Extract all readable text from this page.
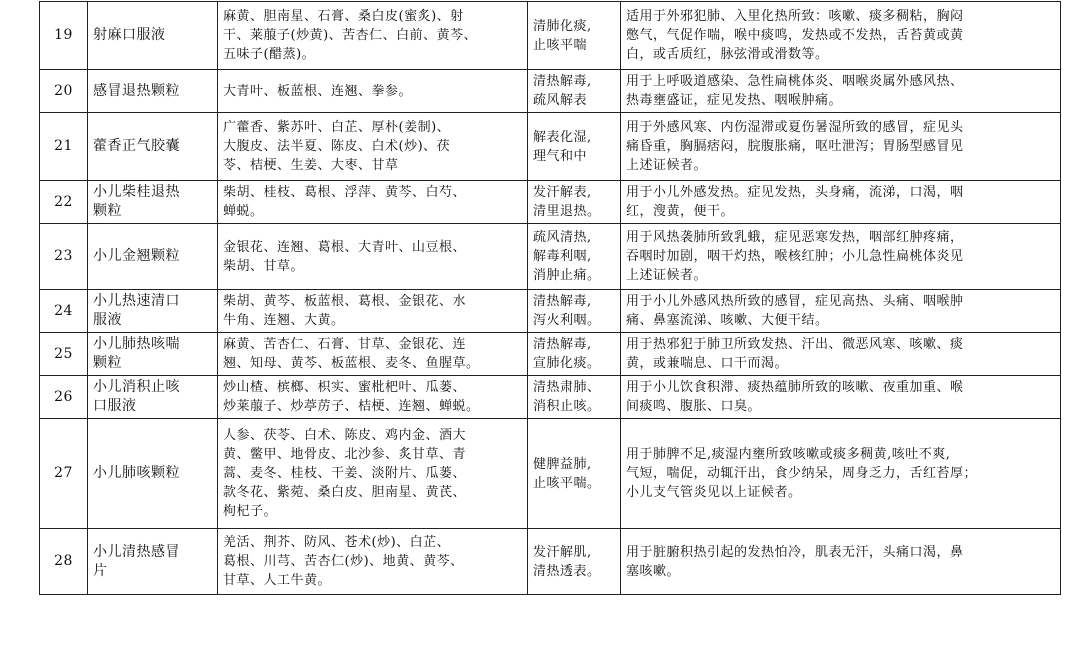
19	射麻口服液	麻黄、胆南星、石膏、桑白皮(蜜炙)、射
干、莱菔子(炒黄)、苦杏仁、白前、黄芩、
五味子(醋蒸)。	清肺化痰,
止咳平喘	适用于外邪犯肺、入里化热所致：咳嗽、痰多稠粘，胸闷
憋气，气促作喘，喉中痰鸣，发热或不发热，舌苔黄或黄
白，或舌质红，脉弦滑或滑数等。

20	感冒退热颗粒	大青叶、板蓝根、连翘、拳参。	清热解毒,
疏风解表	用于上呼吸道感染、急性扁桃体炎、咽喉炎属外感风热、
热毒壅盛证，症见发热、咽喉肿痛。

21	藿香正气胶囊	广藿香、紫苏叶、白芷、厚朴(姜制)、
大腹皮、法半夏、陈皮、白术(炒)、茯
苓、桔梗、生姜、大枣、甘草	解表化湿,
理气和中	用于外感风寒、内伤湿滞或夏伤暑湿所致的感冒，症见头
痛昏重，胸膈痞闷，脘腹胀痛，呕吐泄泻；胃肠型感冒见
上述证候者。

22	小儿柴桂退热
颗粒	柴胡、桂枝、葛根、浮萍、黄芩、白芍、
蝉蜕。	发汗解表,
清里退热。	用于小儿外感发热。症见发热，头身痛，流涕，口渴，咽
红，溲黄，便干。

23	小儿金翘颗粒	金银花、连翘、葛根、大青叶、山豆根、
柴胡、甘草。	疏风清热,
解毒利咽,
消肿止痛。	用于风热袭肺所致乳蛾，症见恶寒发热，咽部红肿疼痛，
吞咽时加剧，咽干灼热，喉核红肿；小儿急性扁桃体炎见
上述证候者。

24	小儿热速清口
服液	柴胡、黄芩、板蓝根、葛根、金银花、水
牛角、连翘、大黄。	清热解毒,
泻火利咽。	用于小儿外感风热所致的感冒，症见高热、头痛、咽喉肿
痛、鼻塞流涕、咳嗽、大便干结。

25	小儿肺热咳喘
颗粒	麻黄、苦杏仁、石膏、甘草、金银花、连
翘、知母、黄芩、板蓝根、麦冬、鱼腥草。	清热解毒,
宣肺化痰。	用于热邪犯于肺卫所致发热、汗出、微恶风寒、咳嗽、痰
黄，或兼喘息、口干而渴。

26	小儿消积止咳
口服液	炒山楂、槟榔、枳实、蜜枇杷叶、瓜蒌、
炒莱菔子、炒葶苈子、桔梗、连翘、蝉蜕。	清热肃肺、
消积止咳。	用于小儿饮食积滞、痰热蕴肺所致的咳嗽、夜重加重、喉
间痰鸣、腹胀、口臭。

27	小儿肺咳颗粒	人参、茯苓、白术、陈皮、鸡内金、酒大
黄、鳖甲、地骨皮、北沙参、炙甘草、青
蒿、麦冬、桂枝、干姜、淡附片、瓜蒌、
款冬花、紫菀、桑白皮、胆南星、黄芪、
枸杞子。	健脾益肺,
止咳平喘。	用于肺脾不足,痰湿内壅所致咳嗽或痰多稠黄,咳吐不爽,
气短，喘促，动辄汗出，食少纳呆，周身乏力，舌红苔厚；
小儿支气管炎见以上证候者。

28	小儿清热感冒
片	羌活、荆芥、防风、苍术(炒)、白芷、
葛根、川芎、苦杏仁(炒)、地黄、黄芩、
甘草、人工牛黄。	发汗解肌,
清热透表。	用于脏腑积热引起的发热怕冷，肌表无汗，头痛口渴，鼻
塞咳嗽。
